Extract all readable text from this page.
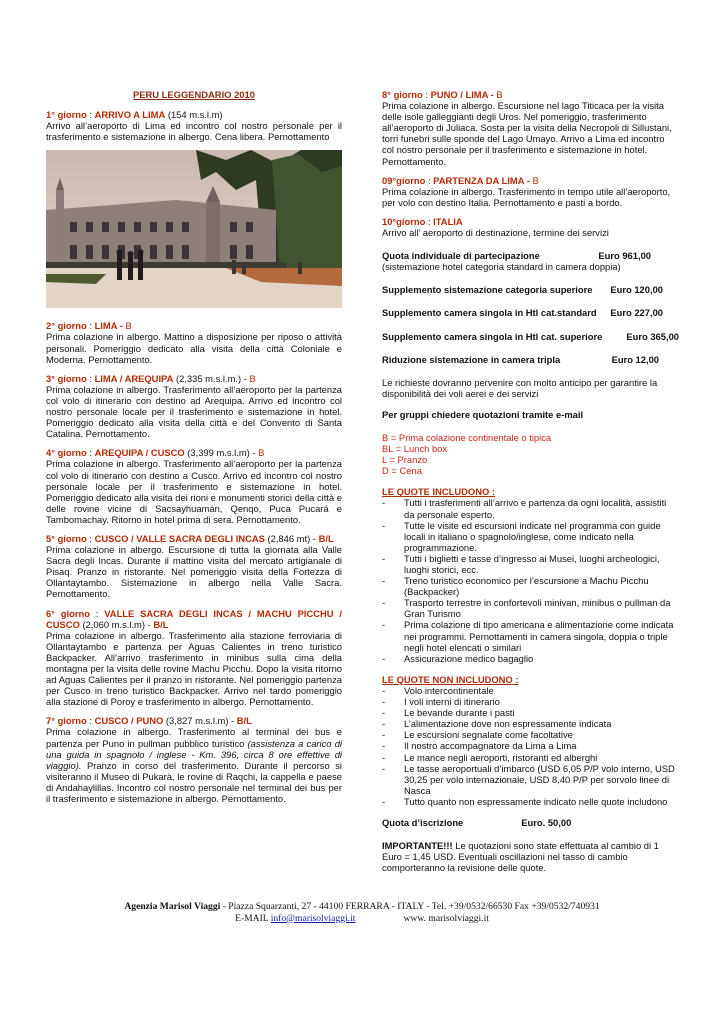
PERU LEGGENDARIO 2010
1° giorno : ARRIVO A LIMA (154 m.s.l.m)
Arrivo all’aeroporto di Lima ed incontro col nostro personale per il trasferimento e sistemazione in albergo. Cena libera. Pernottamento
2° giorno : LIMA - B
Prima colazione in albergo. Mattino a disposizione per riposo o attività personali. Pomeriggio dedicato alla visita della città Coloniale e Moderna. Pernottamento.
3° giorno : LIMA / AREQUIPA (2,335 m.s.l.m.) - B
Prima colazione in albergo. Trasferimento all’aeroporto per la partenza col volo di itinerario con destino ad Arequipa. Arrivo ed incontro col nostro personale locale per il trasferimento e sistemazione in hotel. Pomeriggio dedicato alla visita della città e del Convento di Santa Catalina. Pernottamento.
4° giorno : AREQUIPA / CUSCO (3,399 m.s.l.m) - B
Prima colazione in albergo. Trasferimento all’aeroporto per la partenza col volo di itinerario con destino a Cusco. Arrivo ed incontro col nostro personale locale per il trasferimento e sistemazione in hotel. Pomeriggio dedicato alla visita dei rioni e monumenti storici della città e delle rovine vicine di Sacsayhuamán, Qenqo, Puca Pucará e Tambomachay. Ritorno in hotel prima di sera. Pernottamento.
5° giorno : CUSCO / VALLE SACRA DEGLI INCAS (2,846 mt) - B/L
Prima colazione in albergo. Escursione di tutta la giornata alla Valle Sacra degli Incas. Durante il mattino visita del mercato artigianale di Pisaq. Pranzo in ristorante. Nel pomeriggio visita della Fortezza di Ollantaytambo. Sistemazione in albergo nella Valle Sacra. Pernottamento.
6° giorno : VALLE SACRA DEGLI INCAS / MACHU PICCHU / CUSCO (2,060 m.s.l.m) - B/L
Prima colazione in albergo. Trasferimento alla stazione ferroviaria di Ollantaytambo e partenza per Aguas Calientes in treno turistico Backpacker. All’arrivo trasferimento in minibus sulla cima della montagna per la visita delle rovine Machu Picchu. Dopo la visita ritorno ad Aguas Calientes per il pranzo in ristorante. Nel pomeriggio partenza per Cusco in treno turistico Backpacker. Arrivo nel tardo pomeriggio alla stazione di Poroy e trasferimento in albergo. Pernottamento.
7° giorno : CUSCO / PUNO (3,827 m.s.l.m) - B/L
Prima colazione in albergo. Trasferimento al terminal dei bus e partenza per Puno in pullman pubblico turistico (assistenza a carico di una guida in spagnolo / inglese - Km. 396, circa 8 ore effettive di viaggio). Pranzo in corso del trasferimento. Durante il percorso si visiteranno il Museo di Pukarà, le rovine di Raqchi, la cappella e paese di Andahaylillas. Incontro col nostro personale nel terminal dei bus per il trasferimento e sistemazione in albergo. Pernottamento.
8° giorno : PUNO / LIMA - B
Prima colazione in albergo. Escursione nel lago Titicaca per la visita delle isole galleggianti degli Uros. Nel pomeriggio, trasferimento all’aeroporto di Juliaca. Sosta per la visita della Necropoli di Sillustani, torri funebri sulle sponde del Lago Umayo. Arrivo a Lima ed incontro col nostro personale per il trasferimento e sistemazione in hotel. Pernottamento.
09°giorno : PARTENZA DA LIMA - B
Prima colazione in albergo. Trasferimento in tempo utile all’aeroporto, per volo con destino Italia. Pernottamento e pasti a bordo.
10°giorno : ITALIA
Arrivo all’ aeroporto di destinazione, termine dei servizi
Quota individuale di partecipazione	Euro 961,00
(sistemazione hotel categoria standard in camera doppia)
Supplemento sistemazione categoria superiore Euro 120,00
Supplemento camera singola in Htl cat.standard Euro 227,00
Supplemento camera singola in Htl cat. superiore	Euro 365,00
Riduzione sistemazione in camera tripla	Euro 12,00
Le richieste dovranno pervenire con molto anticipo per garantire la disponibilità dei voli aerei e dei servizi
Per gruppi chiedere quotazioni tramite e-mail
B = Prima colazione continentale o tipica
BL = Lunch box
L = Pranzo
D = Cena
LE QUOTE INCLUDONO :
- Tutti i trasferimenti all’arrivo e partenza da ogni località, assistiti da personale esperto.
- Tutte le visite ed escursioni indicate nel programma con guide locali in italiano o spagnolo/inglese, come indicato nella programmazione.
- Tutti i biglietti e tasse d’ingresso ai Musei, luoghi archeologici, luoghi storici, ecc.
- Treno turistico economico per l’escursione a Machu Picchu (Backpacker)
- Trasporto terrestre in confortevoli minivan, minibus o pullman da Gran Turismo
- Prima colazione di tipo americana e alimentazione come indicata nei programmi. Pernottamenti in camera singola, doppia o triple negli hotel elencati o similari
- Assicurazione medico bagaglio
LE QUOTE NON INCLUDONO :
- Volo intercontinentale
- I voli interni di itinerario
- Le bevande durante i pasti
- L’alimentazione dove non espressamente indicata
- Le escursioni segnalate come facoltative
- Il nostro accompagnatore da Lima a Lima
- Le mance negli aeroporti, ristoranti ed alberghi
- Le tasse aeroportuali d’imbarco (USD 6,05 P/P volo interno, USD 30,25 per volo internazionale, USD 8,40 P/P per sorvolo linee di Nasca
- Tutto quanto non espressamente indicato nelle quote includono
Quota d’iscrizione	Euro. 50,00
IMPORTANTE!!! Le quotazioni sono state effettuata al cambio di 1 Euro = 1,45 USD. Eventuali oscillazioni nel tasso di cambio comporteranno la revisione delle quote.
Agenzia Marisol Viaggi - Piazza Squarzanti, 27 - 44100 FERRARA - ITALY - Tel. +39/0532/66530 Fax +39/0532/740931
E-MAIL info@marisolviaggi.it	www. marisolviaggi.it
